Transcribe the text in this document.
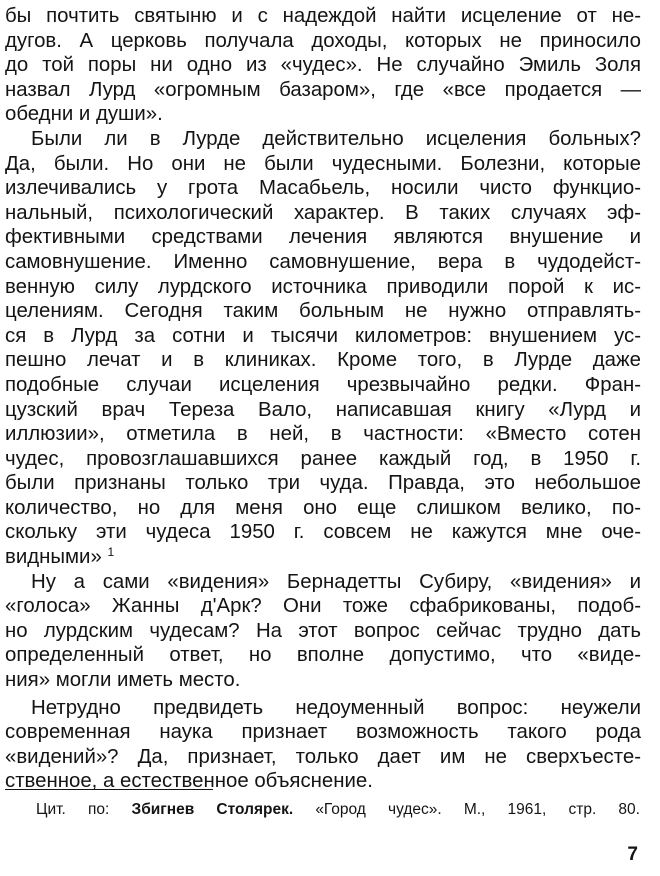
бы почтить святыню и с надеждой найти исцеление от не-
дугов. А церковь получала доходы, которых не приносило
до той поры ни одно из «чудес». Не случайно Эмиль Золя
назвал Лурд «огромным базаром», где «все продается —
обедни и души».
Были ли в Лурде действительно исцеления больных?
Да, были. Но они не были чудесными. Болезни, которые
излечивались у грота Масабьель, носили чисто функцио-
нальный, психологический характер. В таких случаях эф-
фективными средствами лечения являются внушение и
самовнушение. Именно самовнушение, вера в чудодейст-
венную силу лурдского источника приводили порой к ис-
целениям. Сегодня таким больным не нужно отправлять-
ся в Лурд за сотни и тысячи километров: внушением ус-
пешно лечат и в клиниках. Кроме того, в Лурде даже
подобные случаи исцеления чрезвычайно редки. Фран-
цузский врач Тереза Вало, написавшая книгу «Лурд и
иллюзии», отметила в ней, в частности: «Вместо сотен
чудес, провозглашавшихся ранее каждый год, в 1950 г.
были признаны только три чуда. Правда, это небольшое
количество, но для меня оно еще слишком велико, по-
скольку эти чудеса 1950 г. совсем не кажутся мне оче-
видными» $^1$
Ну а сами «видения» Бернадетты Субиру, «видения» и
«голоса» Жанны д'Арк? Они тоже сфабрикованы, подоб-
но лурдским чудесам? На этот вопрос сейчас трудно дать
определенный ответ, но вполне допустимо, что «виде-
ния» могли иметь место.
Нетрудно предвидеть недоуменный вопрос: неужели
современная наука признает возможность такого рода
«видений»? Да, признает, только дает им не сверхъесте-
ственное, а естественное объяснение.
Цит. по: Збигнев Столярек. «Город чудес». М., 1961, стр. 80.
7
